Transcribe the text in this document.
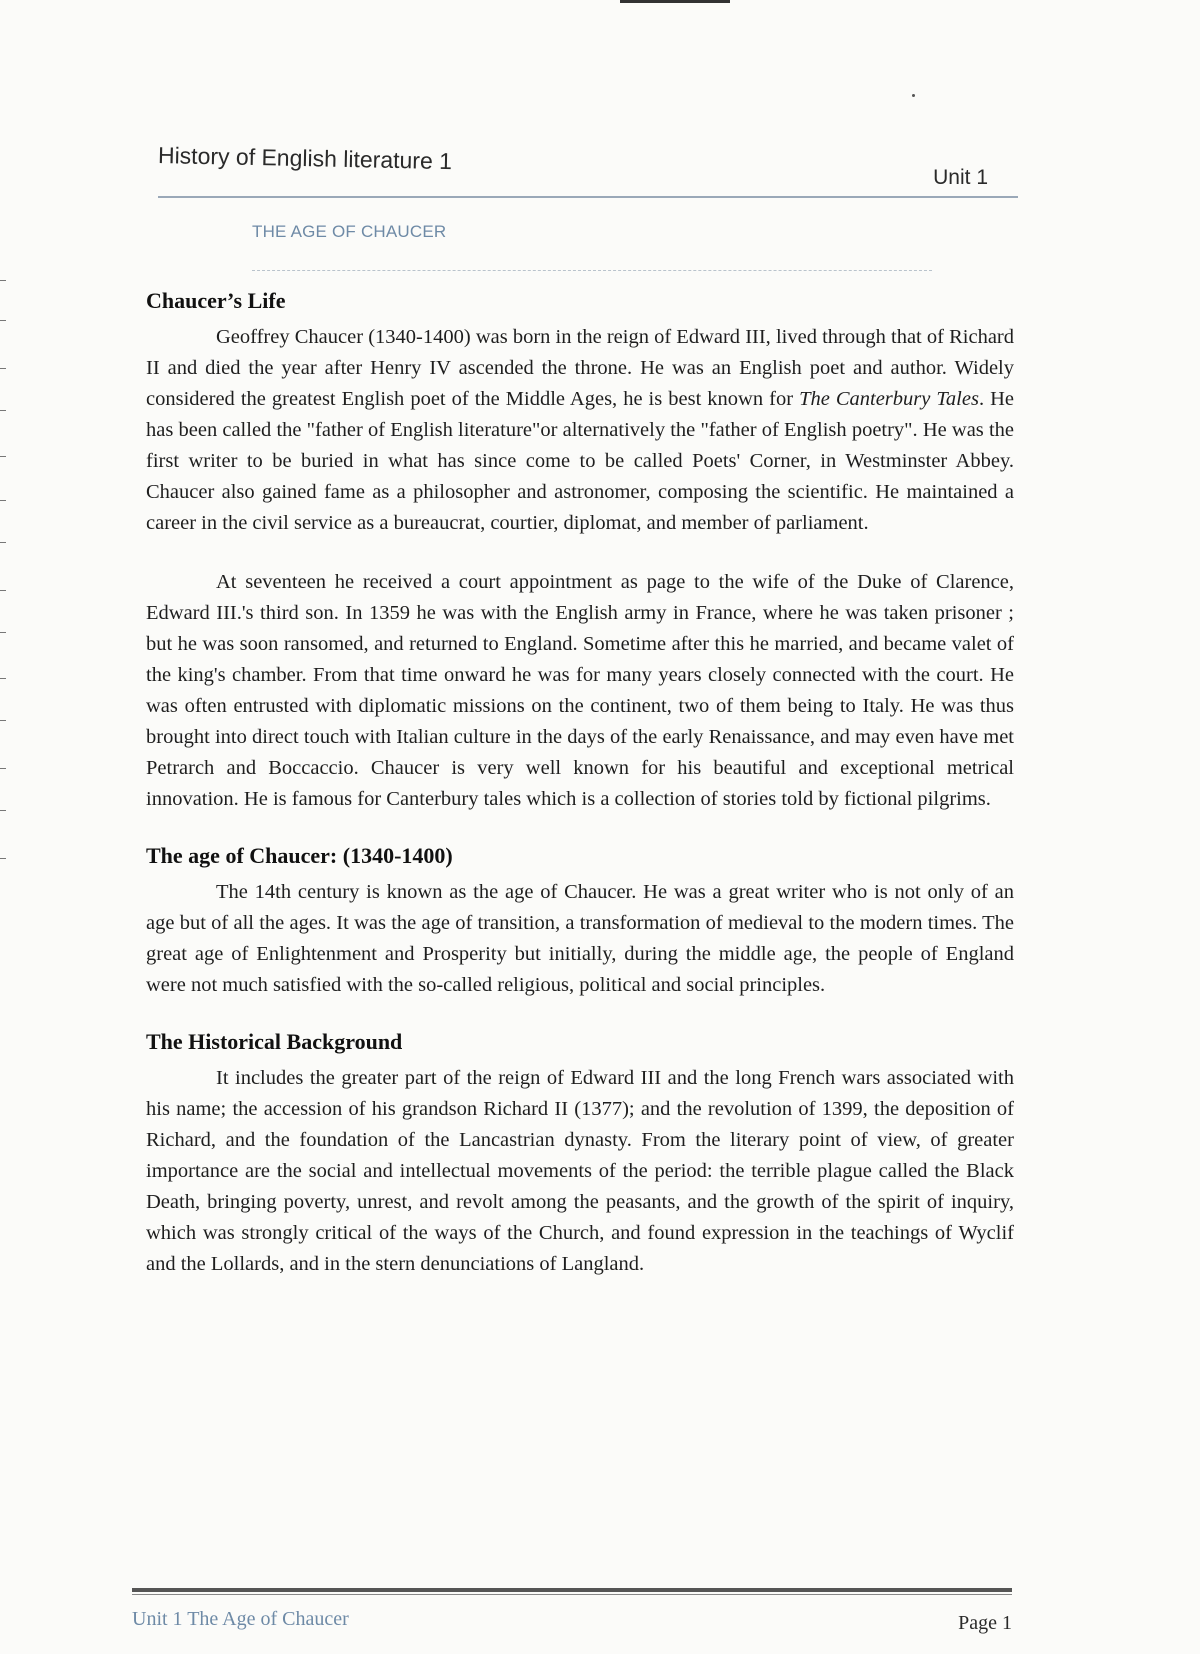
History of English literature 1
Unit 1
THE AGE OF CHAUCER
Chaucer’s Life

Geoffrey Chaucer (1340-1400) was born in the reign of Edward III, lived through that of Richard II and died the year after Henry IV ascended the throne. He was an English poet and author. Widely considered the greatest English poet of the Middle Ages, he is best known for The Canterbury Tales. He has been called the "father of English literature"or alternatively the "father of English poetry". He was the first writer to be buried in what has since come to be called Poets' Corner, in Westminster Abbey. Chaucer also gained fame as a philosopher and astronomer, composing the scientific. He maintained a career in the civil service as a bureaucrat, courtier, diplomat, and member of parliament.

At seventeen he received a court appointment as page to the wife of the Duke of Clarence, Edward III.'s third son. In 1359 he was with the English army in France, where he was taken prisoner ; but he was soon ransomed, and returned to England. Sometime after this he married, and became valet of the king's chamber. From that time onward he was for many years closely connected with the court. He was often entrusted with diplomatic missions on the continent, two of them being to Italy. He was thus brought into direct touch with Italian culture in the days of the early Renaissance, and may even have met Petrarch and Boccaccio. Chaucer is very well known for his beautiful and exceptional metrical innovation. He is famous for Canterbury tales which is a collection of stories told by fictional pilgrims.

The age of Chaucer: (1340-1400)

The 14th century is known as the age of Chaucer. He was a great writer who is not only of an age but of all the ages. It was the age of transition, a transformation of medieval to the modern times. The great age of Enlightenment and Prosperity but initially, during the middle age, the people of England were not much satisfied with the so-called religious, political and social principles.

The Historical Background

It includes the greater part of the reign of Edward III and the long French wars associated with his name; the accession of his grandson Richard II (1377); and the revolution of 1399, the deposition of Richard, and the foundation of the Lancastrian dynasty. From the literary point of view, of greater importance are the social and intellectual movements of the period: the terrible plague called the Black Death, bringing poverty, unrest, and revolt among the peasants, and the growth of the spirit of inquiry, which was strongly critical of the ways of the Church, and found expression in the teachings of Wyclif and the Lollards, and in the stern denunciations of Langland.

Unit 1 The Age of Chaucer	Page 1
